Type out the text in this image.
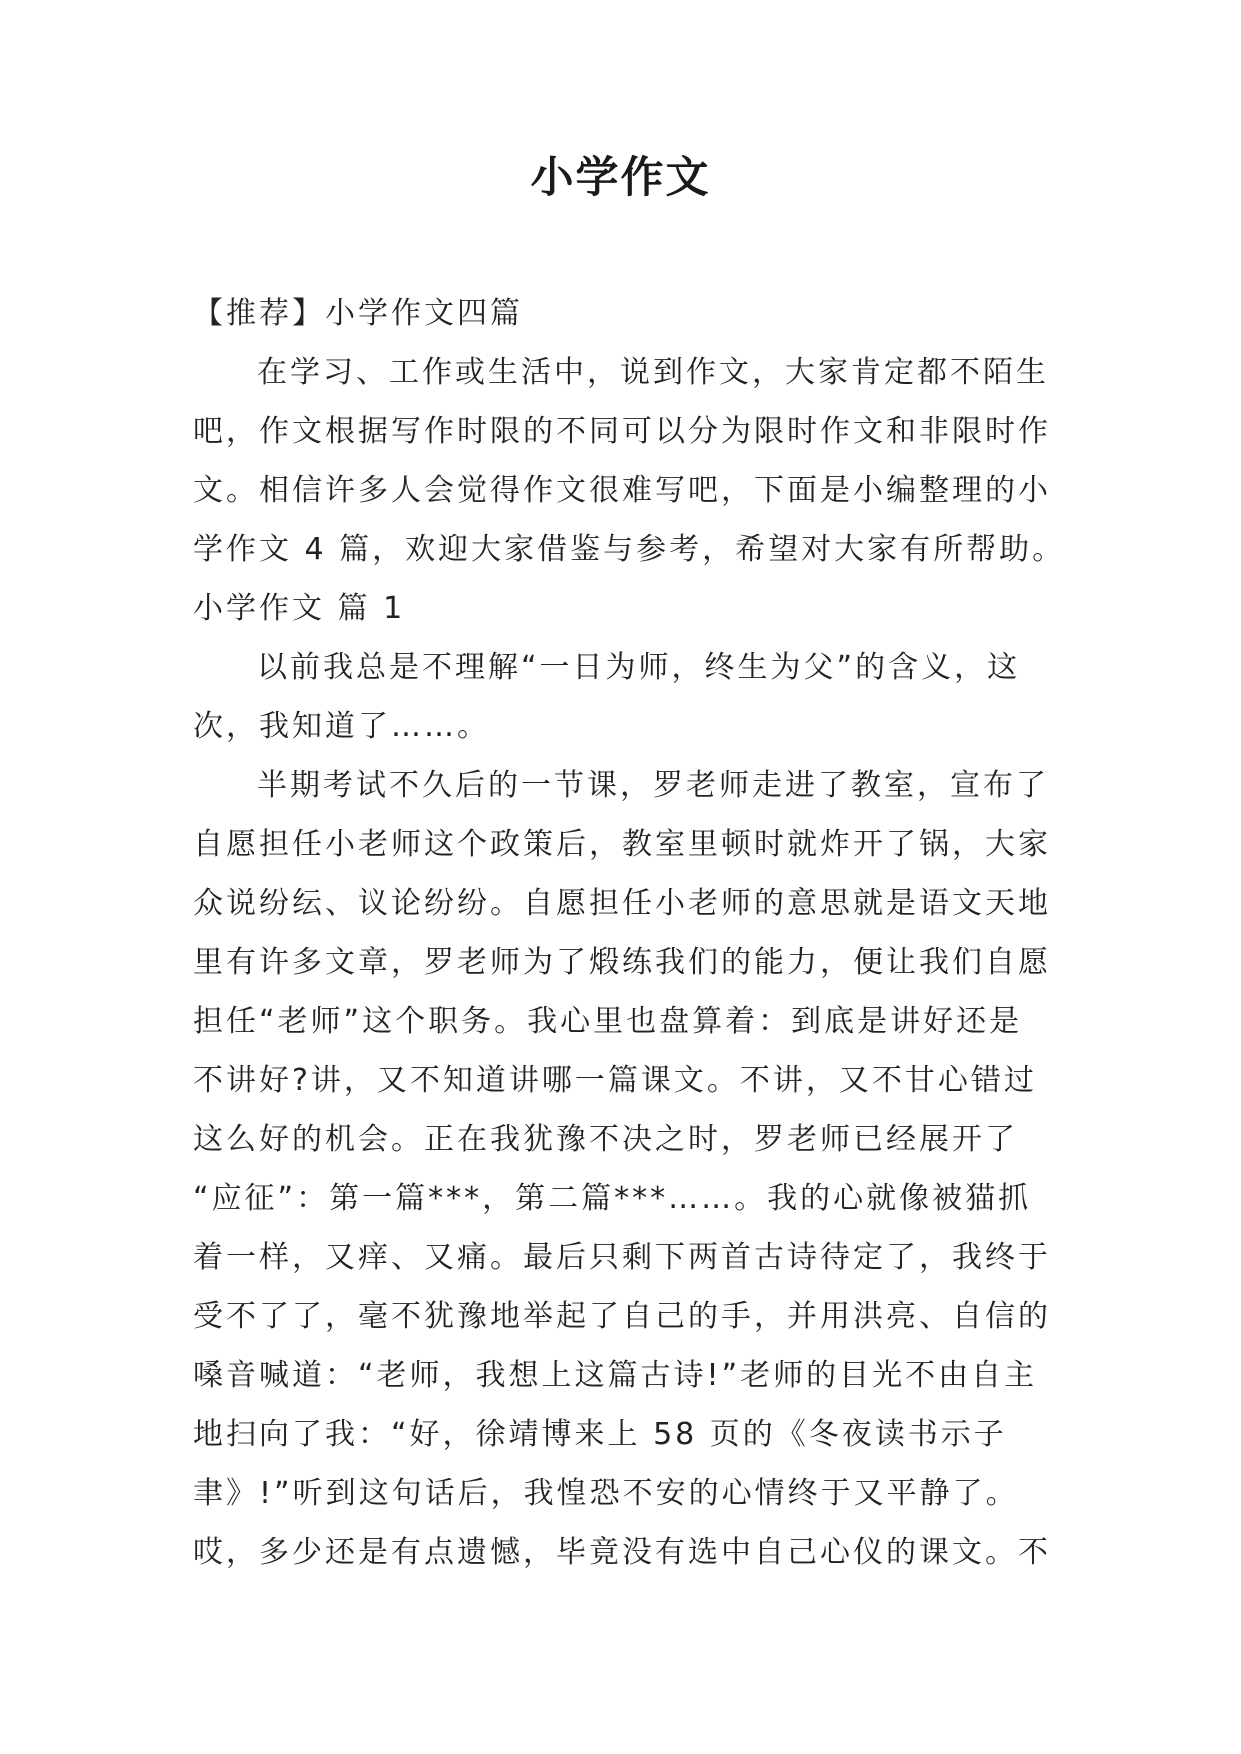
小学作文
【推荐】小学作文四篇
在学习、工作或生活中，说到作文，大家肯定都不陌生
吧，作文根据写作时限的不同可以分为限时作文和非限时作
文。相信许多人会觉得作文很难写吧，下面是小编整理的小
学作文 4 篇，欢迎大家借鉴与参考，希望对大家有所帮助。
小学作文 篇 1
以前我总是不理解“一日为师，终生为父”的含义，这
次，我知道了……。
半期考试不久后的一节课，罗老师走进了教室，宣布了
自愿担任小老师这个政策后，教室里顿时就炸开了锅，大家
众说纷纭、议论纷纷。自愿担任小老师的意思就是语文天地
里有许多文章，罗老师为了煅练我们的能力，便让我们自愿
担任“老师”这个职务。我心里也盘算着：到底是讲好还是
不讲好?讲，又不知道讲哪一篇课文。不讲，又不甘心错过
这么好的机会。正在我犹豫不决之时，罗老师已经展开了
“应征”：第一篇***，第二篇***……。我的心就像被猫抓
着一样，又痒、又痛。最后只剩下两首古诗待定了，我终于
受不了了，毫不犹豫地举起了自己的手，并用洪亮、自信的
嗓音喊道：“老师，我想上这篇古诗!”老师的目光不由自主
地扫向了我：“好，徐靖博来上 58 页的《冬夜读书示子
聿》!”听到这句话后，我惶恐不安的心情终于又平静了。
哎，多少还是有点遗憾，毕竟没有选中自己心仪的课文。不
